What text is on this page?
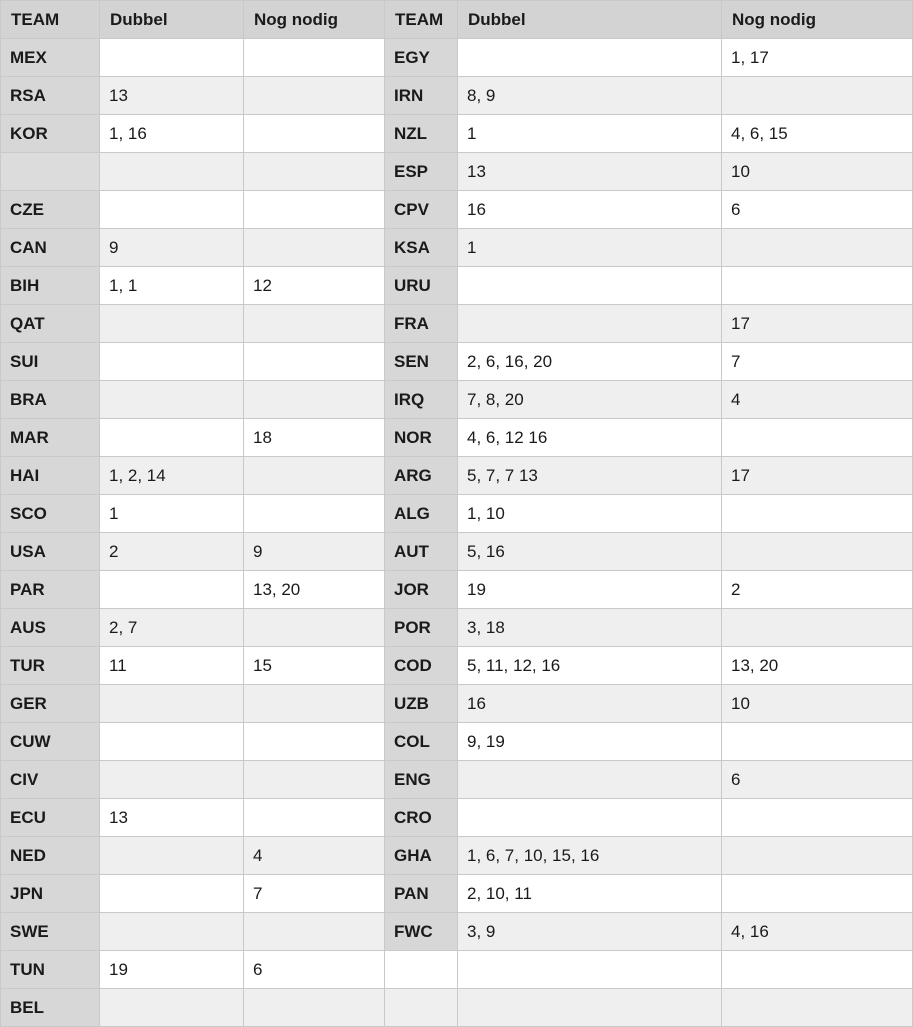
TEAM	Dubbel	Nog nodig	TEAM	Dubbel	Nog nodig
MEX			EGY		1, 17
RSA	13		IRN	8, 9	
KOR	1, 16		NZL	1	4, 6, 15
			ESP	13	10
CZE			CPV	16	6
CAN	9		KSA	1	
BIH	1, 1	12	URU		
QAT			FRA		17
SUI			SEN	2, 6, 16, 20	7
BRA			IRQ	7, 8, 20	4
MAR		18	NOR	4, 6, 12 16	
HAI	1, 2, 14		ARG	5, 7, 7 13	17
SCO	1		ALG	1, 10	
USA	2	9	AUT	5, 16	
PAR		13, 20	JOR	19	2
AUS	2, 7		POR	3, 18	
TUR	11	15	COD	5, 11, 12, 16	13, 20
GER			UZB	16	10
CUW			COL	9, 19	
CIV			ENG		6
ECU	13		CRO		
NED		4	GHA	1, 6, 7, 10, 15, 16	
JPN		7	PAN	2, 10, 11	
SWE			FWC	3, 9	4, 16
TUN	19	6			
BEL					
